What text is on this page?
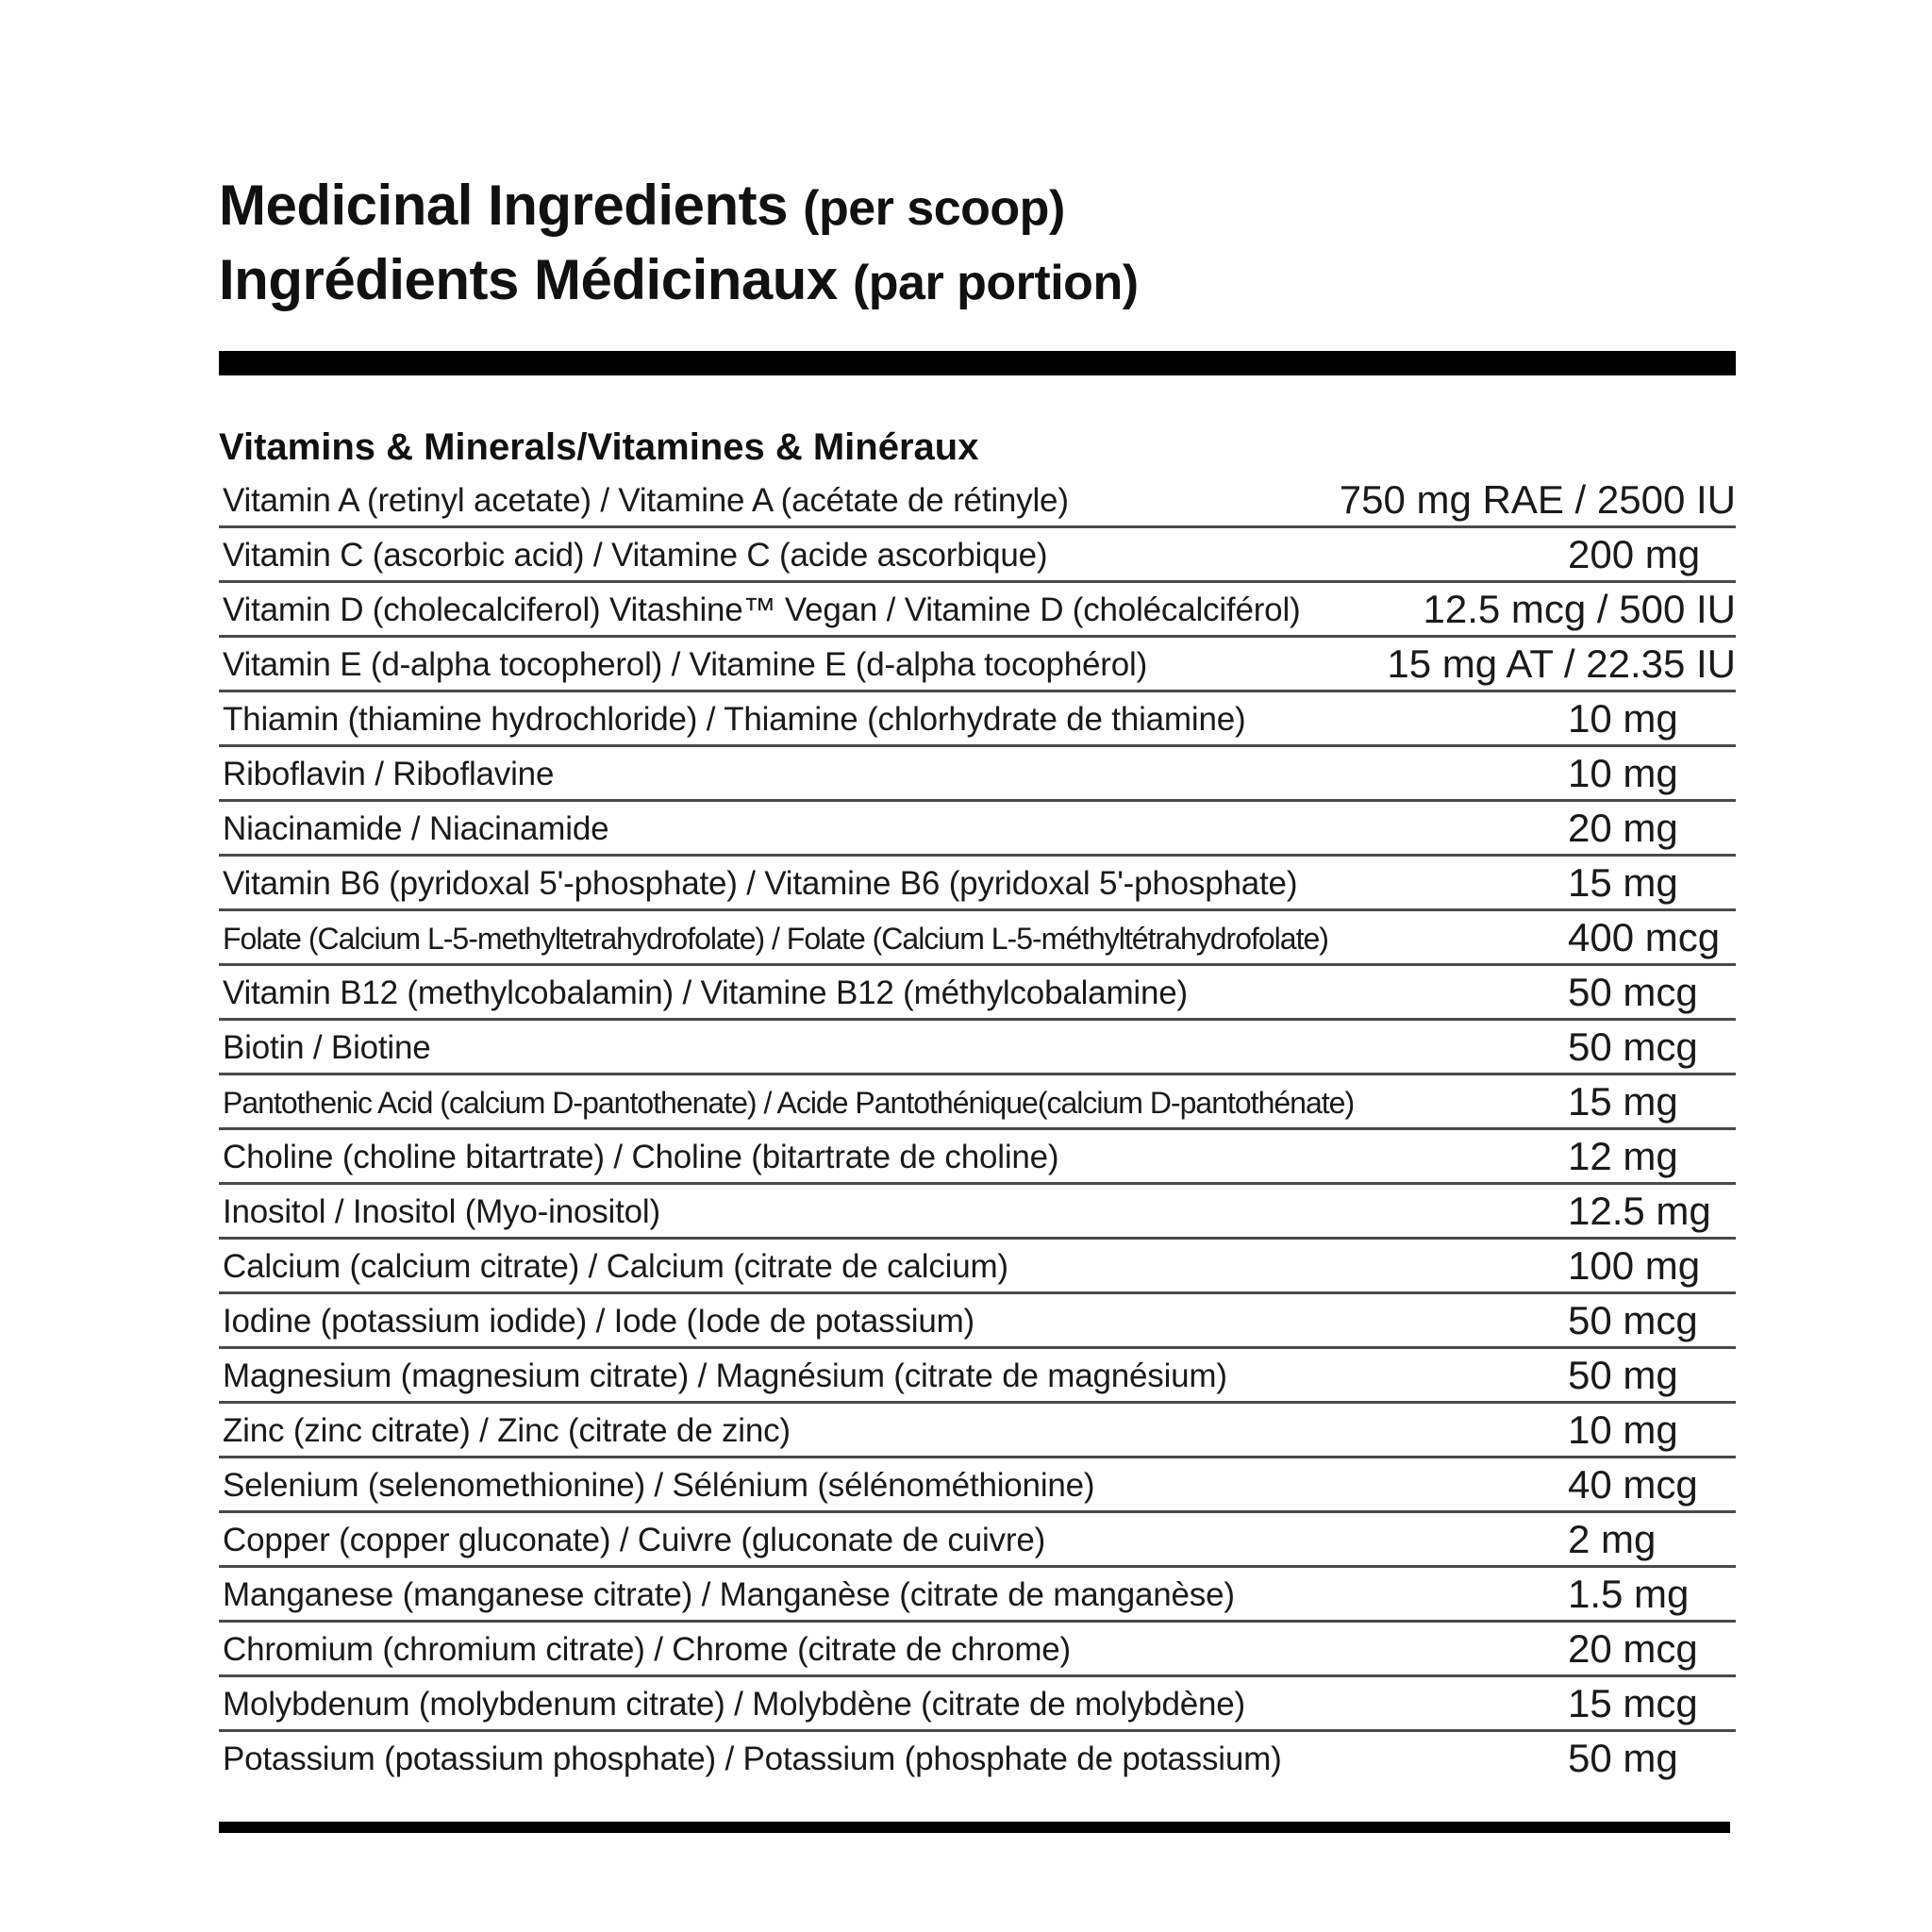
Medicinal Ingredients (per scoop)
Ingrédients Médicinaux (par portion)
Vitamins & Minerals/Vitamines & Minéraux
Vitamin A (retinyl acetate) / Vitamine A (acétate de rétinyle)	750 mg RAE / 2500 IU
Vitamin C (ascorbic acid) / Vitamine C (acide ascorbique)	200 mg
Vitamin D (cholecalciferol) Vitashine™ Vegan / Vitamine D (cholécalciférol)	12.5 mcg / 500 IU
Vitamin E (d-alpha tocopherol) / Vitamine E (d-alpha tocophérol)	15 mg AT / 22.35 IU
Thiamin (thiamine hydrochloride) / Thiamine (chlorhydrate de thiamine)	10 mg
Riboflavin / Riboflavine	10 mg
Niacinamide / Niacinamide	20 mg
Vitamin B6 (pyridoxal 5'-phosphate) / Vitamine B6 (pyridoxal 5'-phosphate)	15 mg
Folate (Calcium L-5-methyltetrahydrofolate) / Folate (Calcium L-5-méthyltétrahydrofolate)	400 mcg
Vitamin B12 (methylcobalamin) / Vitamine B12 (méthylcobalamine)	50 mcg
Biotin / Biotine	50 mcg
Pantothenic Acid (calcium D-pantothenate) / Acide Pantothénique(calcium D-pantothénate)	15 mg
Choline (choline bitartrate) / Choline (bitartrate de choline)	12 mg
Inositol / Inositol (Myo-inositol)	12.5 mg
Calcium (calcium citrate) / Calcium (citrate de calcium)	100 mg
Iodine (potassium iodide) / Iode (Iode de potassium)	50 mcg
Magnesium (magnesium citrate) / Magnésium (citrate de magnésium)	50 mg
Zinc (zinc citrate) / Zinc (citrate de zinc)	10 mg
Selenium (selenomethionine) / Sélénium (sélénométhionine)	40 mcg
Copper (copper gluconate) / Cuivre (gluconate de cuivre)	2 mg
Manganese (manganese citrate) / Manganèse (citrate de manganèse)	1.5 mg
Chromium (chromium citrate) / Chrome (citrate de chrome)	20 mcg
Molybdenum (molybdenum citrate) / Molybdène (citrate de molybdène)	15 mcg
Potassium (potassium phosphate) / Potassium (phosphate de potassium)	50 mg
